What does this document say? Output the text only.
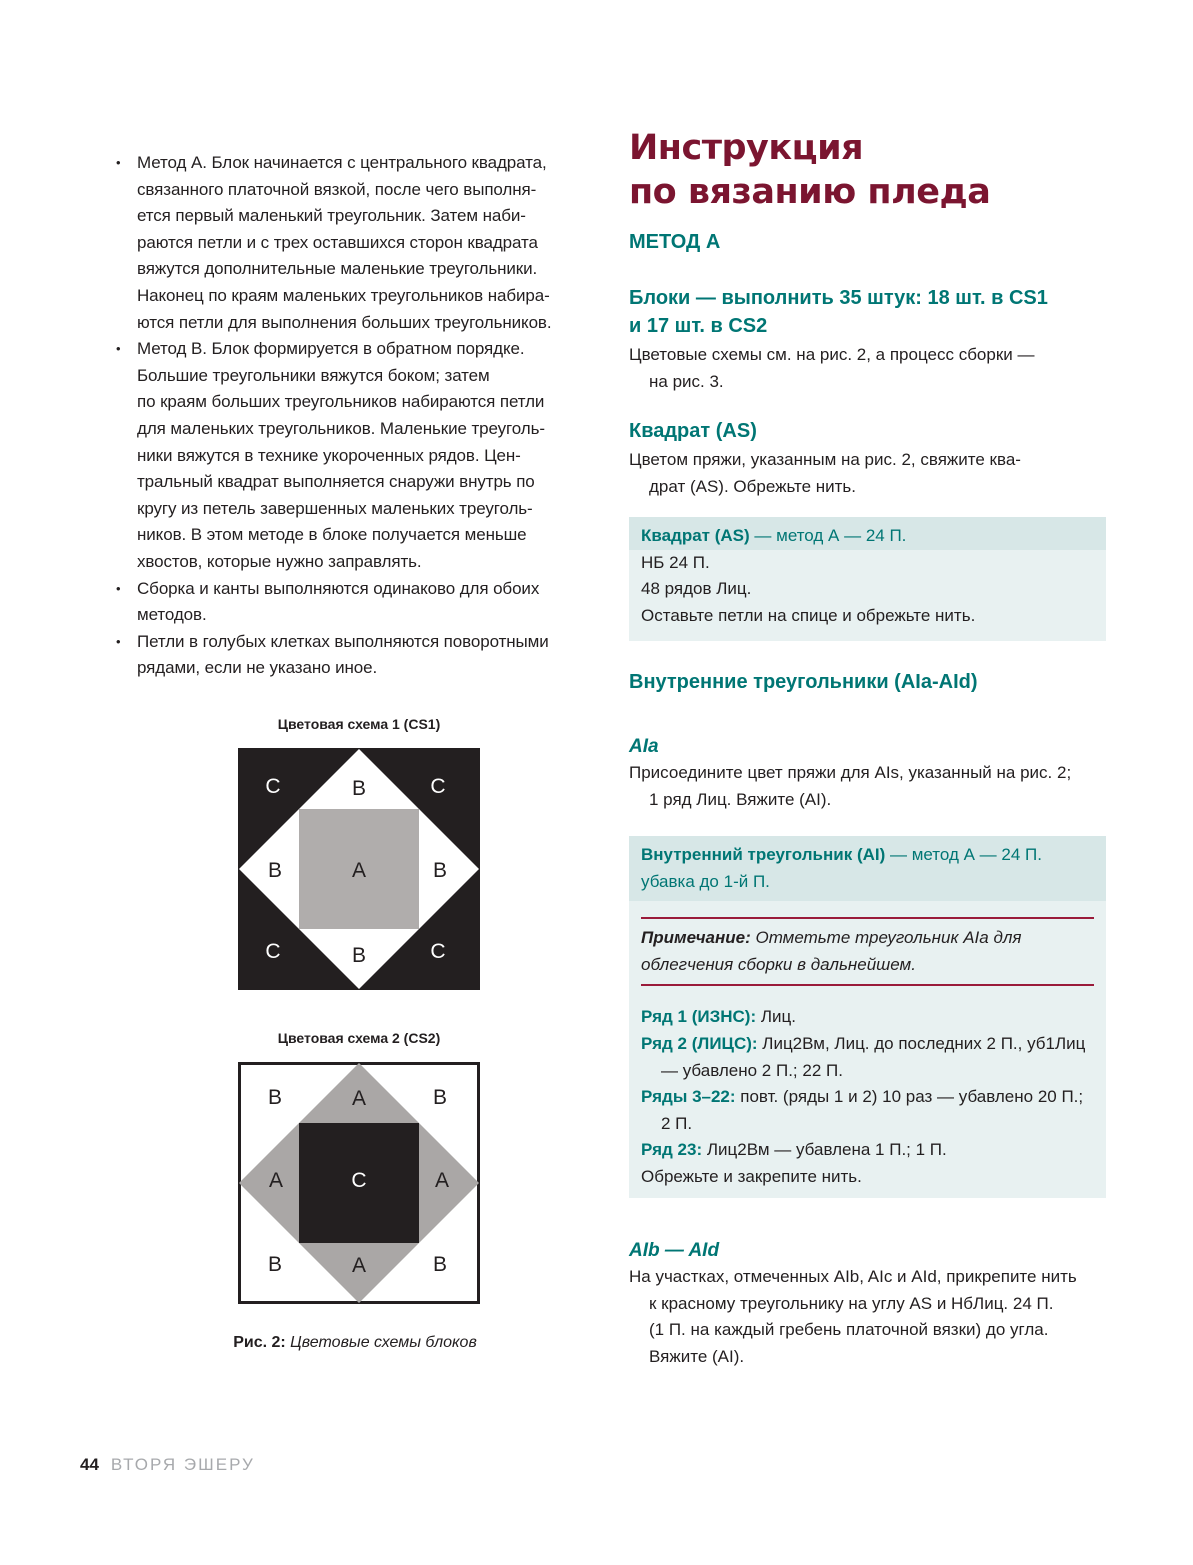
• Метод А. Блок начинается с центрального квадрата,
связанного платочной вязкой, после чего выполня-
ется первый маленький треугольник. Затем наби-
раются петли и с трех оставшихся сторон квадрата
вяжутся дополнительные маленькие треугольники.
Наконец по краям маленьких треугольников набира-
ются петли для выполнения больших треугольников.
• Метод В. Блок формируется в обратном порядке.
Большие треугольники вяжутся боком; затем
по краям больших треугольников набираются петли
для маленьких треугольников. Маленькие треуголь-
ники вяжутся в технике укороченных рядов. Цен-
тральный квадрат выполняется снаружи внутрь по
кругу из петель завершенных маленьких треуголь-
ников. В этом методе в блоке получается меньше
хвостов, которые нужно заправлять.
• Сборка и канты выполняются одинаково для обоих
методов.
• Петли в голубых клетках выполняются поворотными
рядами, если не указано иное.
Цветовая схема 1 (CS1)
C	C
C	C
B
B
B	B
A
Цветовая схема 2 (CS2)
B	B
B	B
A
A
A	A
C
Рис. 2: Цветовые схемы блоков
Инструкция
по вязанию пледа
МЕТОД А
Блоки — выполнить 35 штук: 18 шт. в CS1
и 17 шт. в CS2
Цветовые схемы см. на рис. 2, а процесс сборки —
на рис. 3.
Квадрат (AS)
Цветом пряжи, указанным на рис. 2, свяжите ква-
драт (AS). Обрежьте нить.
Квадрат (AS) — метод А — 24 П.
НБ 24 П.
48 рядов Лиц.
Оставьте петли на спице и обрежьте нить.
Внутренние треугольники (AIa-AId)
AIa
Присоедините цвет пряжи для AIs, указанный на рис. 2;
1 ряд Лиц. Вяжите (AI).
Внутренний треугольник (AI) — метод А — 24 П.
убавка до 1-й П.
Примечание: Отметьте треугольник AIa для
облегчения сборки в дальнейшем.
Ряд 1 (ИЗНС): Лиц.
Ряд 2 (ЛИЦС): Лиц2Вм, Лиц. до последних 2 П., уб1Лиц — убавлено 2 П.; 22 П.
Ряды 3–22: повт. (ряды 1 и 2) 10 раз — убавлено 20 П.; 2 П.
Ряд 23: Лиц2Вм — убавлена 1 П.; 1 П.
Обрежьте и закрепите нить.
AIb — AId
На участках, отмеченных AIb, AIc и AId, прикрепите нить
к красному треугольнику на углу AS и НбЛиц. 24 П.
(1 П. на каждый гребень платочной вязки) до угла.
Вяжите (AI).
44 ВТОРЯ ЭШЕРУ
